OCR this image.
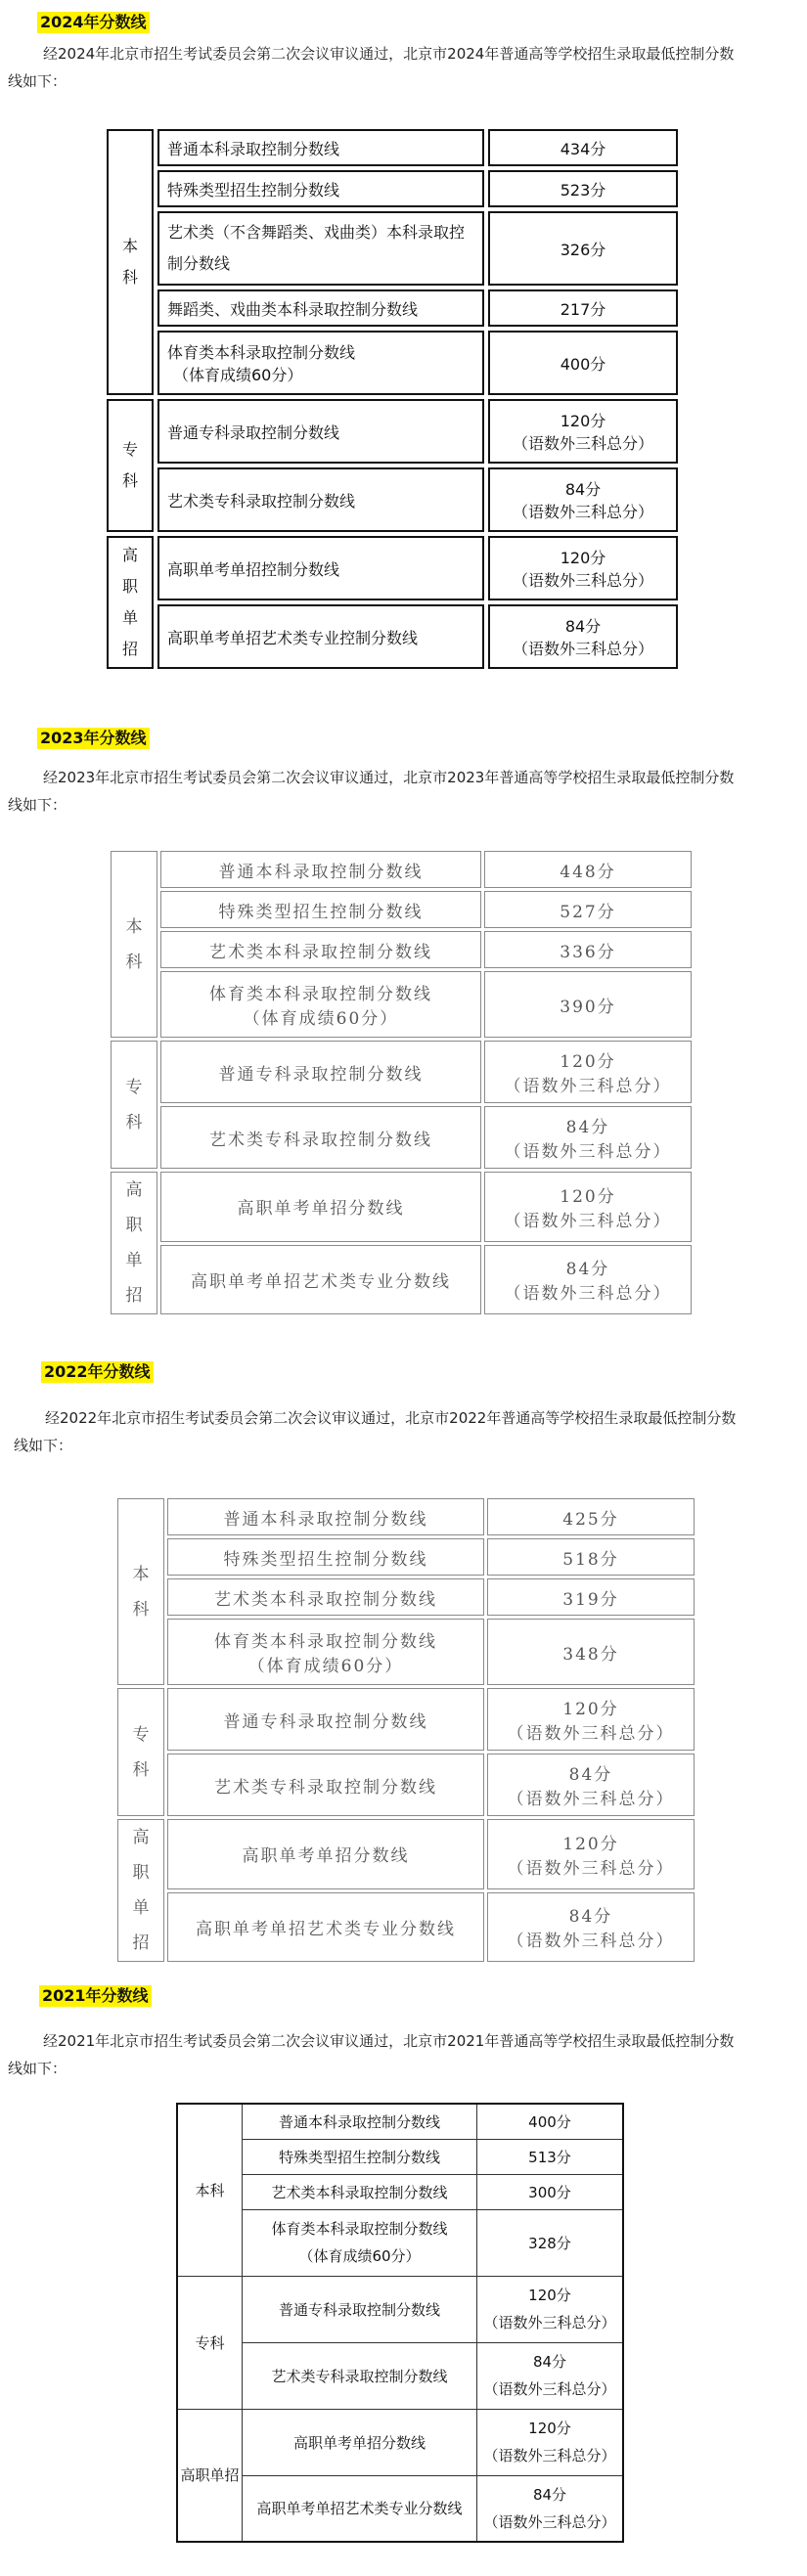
2024年分数线

经2024年北京市招生考试委员会第二次会议审议通过，北京市2024年普通高等学校招生录取最低控制分数

线如下：

本科	普通本科录取控制分数线	434分
	特殊类型招生控制分数线	523分
	艺术类（不含舞蹈类、戏曲类）本科录取控制分数线	326分
	舞蹈类、戏曲类本科录取控制分数线	217分

	体育类本科录取控制分数线
（体育成绩60分）	400分

专科	普通专科录取控制分数线	120分
（语数外三科总分）

	艺术类专科录取控制分数线	84分
（语数外三科总分）

高职单招	高职单考单招控制分数线	120分
（语数外三科总分）

	高职单考单招艺术类专业控制分数线	84分
（语数外三科总分）
2023年分数线

经2023年北京市招生考试委员会第二次会议审议通过，北京市2023年普通高等学校招生录取最低控制分数

线如下：

本科	普通本科录取控制分数线	448分
	特殊类型招生控制分数线	527分
	艺术类本科录取控制分数线	336分

	体育类本科录取控制分数线
（体育成绩60分）	390分

专科	普通专科录取控制分数线	120分
（语数外三科总分）

	艺术类专科录取控制分数线	84分
（语数外三科总分）

高职单招	高职单考单招分数线	120分
（语数外三科总分）

	高职单考单招艺术类专业分数线	84分
（语数外三科总分）
2022年分数线

经2022年北京市招生考试委员会第二次会议审议通过，北京市2022年普通高等学校招生录取最低控制分数

线如下：

本科	普通本科录取控制分数线	425分
	特殊类型招生控制分数线	518分
	艺术类本科录取控制分数线	319分

	体育类本科录取控制分数线
（体育成绩60分）	348分

专科	普通专科录取控制分数线	120分
（语数外三科总分）

	艺术类专科录取控制分数线	84分
（语数外三科总分）

高职单招	高职单考单招分数线	120分
（语数外三科总分）

	高职单考单招艺术类专业分数线	84分
（语数外三科总分）
2021年分数线

经2021年北京市招生考试委员会第二次会议审议通过，北京市2021年普通高等学校招生录取最低控制分数

线如下：

本科	普通本科录取控制分数线	400分
	特殊类型招生控制分数线	513分
	艺术类本科录取控制分数线	300分

	体育类本科录取控制分数线
（体育成绩60分）	328分
专科	普通专科录取控制分数线	120分
（语数外三科总分）

	艺术类专科录取控制分数线	84分
（语数外三科总分）

高职单招	高职单考单招分数线	120分
（语数外三科总分）

	高职单考单招艺术类专业分数线	84分
（语数外三科总分）
